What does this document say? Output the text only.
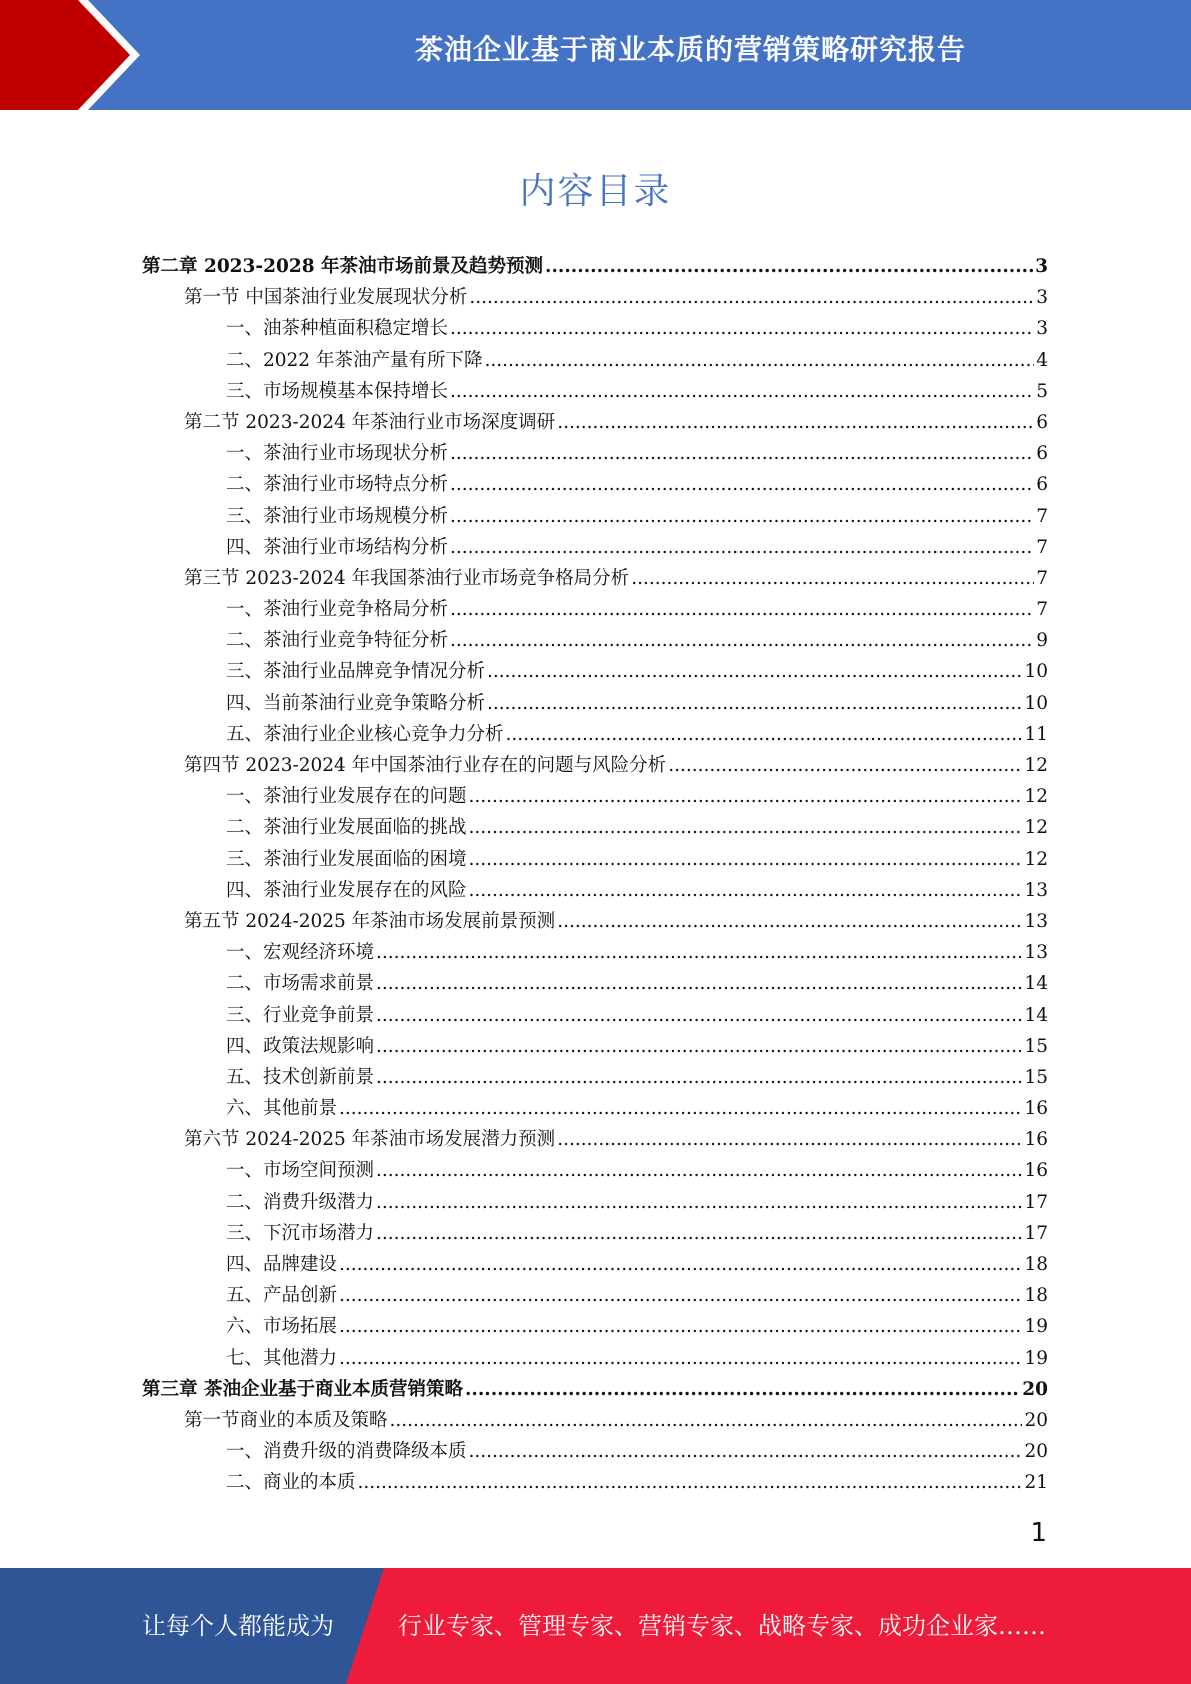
茶油企业基于商业本质的营销策略研究报告
内容目录
第二章 2023-2028 年茶油市场前景及趋势预测 .....	3
第一节 中国茶油行业发展现状分析 .....	3
一、油茶种植面积稳定增长 .....	3
二、2022 年茶油产量有所下降 .....	4
三、市场规模基本保持增长 .....	5
第二节 2023-2024 年茶油行业市场深度调研 .....	6
一、茶油行业市场现状分析 .....	6
二、茶油行业市场特点分析 .....	6
三、茶油行业市场规模分析 .....	7
四、茶油行业市场结构分析 .....	7
第三节 2023-2024 年我国茶油行业市场竞争格局分析 .....	7
一、茶油行业竞争格局分析 .....	7
二、茶油行业竞争特征分析 .....	9
三、茶油行业品牌竞争情况分析 .....	10
四、当前茶油行业竞争策略分析 .....	10
五、茶油行业企业核心竞争力分析 .....	11
第四节 2023-2024 年中国茶油行业存在的问题与风险分析 .....	12
一、茶油行业发展存在的问题 .....	12
二、茶油行业发展面临的挑战 .....	12
三、茶油行业发展面临的困境 .....	12
四、茶油行业发展存在的风险 .....	13
第五节 2024-2025 年茶油市场发展前景预测 .....	13
一、宏观经济环境 .....	13
二、市场需求前景 .....	14
三、行业竞争前景 .....	14
四、政策法规影响 .....	15
五、技术创新前景 .....	15
六、其他前景 .....	16
第六节 2024-2025 年茶油市场发展潜力预测 .....	16
一、市场空间预测 .....	16
二、消费升级潜力 .....	17
三、下沉市场潜力 .....	17
四、品牌建设 .....	18
五、产品创新 .....	18
六、市场拓展 .....	19
七、其他潜力 .....	19
第三章 茶油企业基于商业本质营销策略 .....	20
第一节商业的本质及策略 .....	20
一、消费升级的消费降级本质 .....	20
二、商业的本质 .....	21
1
让每个人都能成为	行业专家、管理专家、营销专家、战略专家、成功企业家……
